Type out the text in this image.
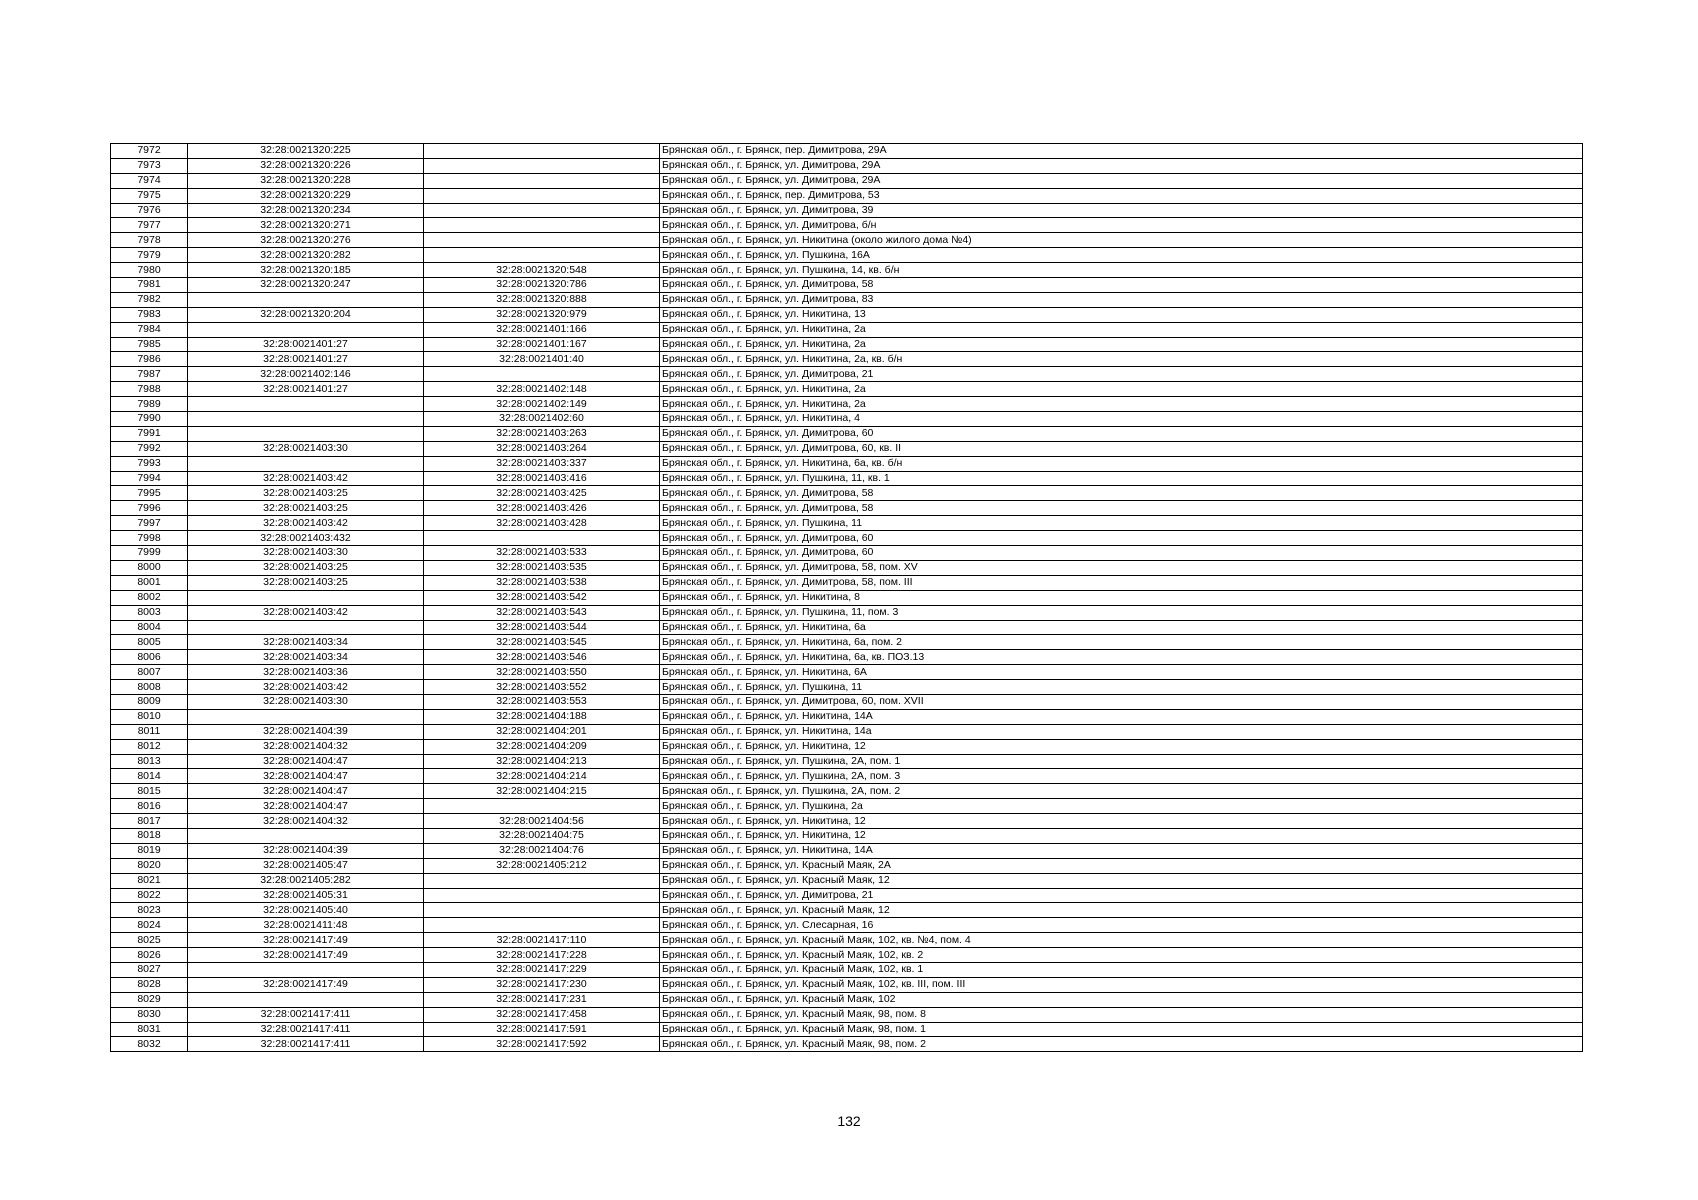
7972	32:28:0021320:225		Брянская обл., г. Брянск, пер. Димитрова, 29А
7973	32:28:0021320:226		Брянская обл., г. Брянск, ул. Димитрова, 29А
7974	32:28:0021320:228		Брянская обл., г. Брянск, ул. Димитрова, 29А
7975	32:28:0021320:229		Брянская обл., г. Брянск, пер. Димитрова, 53
7976	32:28:0021320:234		Брянская обл., г. Брянск, ул. Димитрова, 39
7977	32:28:0021320:271		Брянская обл., г. Брянск, ул. Димитрова, б/н
7978	32:28:0021320:276		Брянская обл., г. Брянск, ул. Никитина (около жилого дома №4)
7979	32:28:0021320:282		Брянская обл., г. Брянск, ул. Пушкина, 16А
7980	32:28:0021320:185	32:28:0021320:548	Брянская обл., г. Брянск, ул. Пушкина, 14, кв. б/н
7981	32:28:0021320:247	32:28:0021320:786	Брянская обл., г. Брянск, ул. Димитрова, 58
7982		32:28:0021320:888	Брянская обл., г. Брянск, ул. Димитрова, 83
7983	32:28:0021320:204	32:28:0021320:979	Брянская обл., г. Брянск, ул. Никитина, 13
7984		32:28:0021401:166	Брянская обл., г. Брянск, ул. Никитина, 2а
7985	32:28:0021401:27	32:28:0021401:167	Брянская обл., г. Брянск, ул. Никитина, 2а
7986	32:28:0021401:27	32:28:0021401:40	Брянская обл., г. Брянск, ул. Никитина, 2а, кв. б/н
7987	32:28:0021402:146		Брянская обл., г. Брянск, ул. Димитрова, 21
7988	32:28:0021401:27	32:28:0021402:148	Брянская обл., г. Брянск, ул. Никитина, 2а
7989		32:28:0021402:149	Брянская обл., г. Брянск, ул. Никитина, 2а
7990		32:28:0021402:60	Брянская обл., г. Брянск, ул. Никитина, 4
7991		32:28:0021403:263	Брянская обл., г. Брянск, ул. Димитрова, 60
7992	32:28:0021403:30	32:28:0021403:264	Брянская обл., г. Брянск, ул. Димитрова, 60, кв. II
7993		32:28:0021403:337	Брянская обл., г. Брянск, ул. Никитина, 6а, кв. б/н
7994	32:28:0021403:42	32:28:0021403:416	Брянская обл., г. Брянск, ул. Пушкина, 11, кв. 1
7995	32:28:0021403:25	32:28:0021403:425	Брянская обл., г. Брянск, ул. Димитрова, 58
7996	32:28:0021403:25	32:28:0021403:426	Брянская обл., г. Брянск, ул. Димитрова, 58
7997	32:28:0021403:42	32:28:0021403:428	Брянская обл., г. Брянск, ул. Пушкина, 11
7998	32:28:0021403:432		Брянская обл., г. Брянск, ул. Димитрова, 60
7999	32:28:0021403:30	32:28:0021403:533	Брянская обл., г. Брянск, ул. Димитрова, 60
8000	32:28:0021403:25	32:28:0021403:535	Брянская обл., г. Брянск, ул. Димитрова, 58, пом. XV
8001	32:28:0021403:25	32:28:0021403:538	Брянская обл., г. Брянск, ул. Димитрова, 58, пом. III
8002		32:28:0021403:542	Брянская обл., г. Брянск, ул. Никитина, 8
8003	32:28:0021403:42	32:28:0021403:543	Брянская обл., г. Брянск, ул. Пушкина, 11, пом. 3
8004		32:28:0021403:544	Брянская обл., г. Брянск, ул. Никитина, 6а
8005	32:28:0021403:34	32:28:0021403:545	Брянская обл., г. Брянск, ул. Никитина, 6а, пом. 2
8006	32:28:0021403:34	32:28:0021403:546	Брянская обл., г. Брянск, ул. Никитина, 6а, кв. ПОЗ.13
8007	32:28:0021403:36	32:28:0021403:550	Брянская обл., г. Брянск, ул. Никитина, 6А
8008	32:28:0021403:42	32:28:0021403:552	Брянская обл., г. Брянск, ул. Пушкина, 11
8009	32:28:0021403:30	32:28:0021403:553	Брянская обл., г. Брянск, ул. Димитрова, 60, пом. XVII
8010		32:28:0021404:188	Брянская обл., г. Брянск, ул. Никитина, 14А
8011	32:28:0021404:39	32:28:0021404:201	Брянская обл., г. Брянск, ул. Никитина, 14а
8012	32:28:0021404:32	32:28:0021404:209	Брянская обл., г. Брянск, ул. Никитина, 12
8013	32:28:0021404:47	32:28:0021404:213	Брянская обл., г. Брянск, ул. Пушкина, 2А, пом. 1
8014	32:28:0021404:47	32:28:0021404:214	Брянская обл., г. Брянск, ул. Пушкина, 2А, пом. 3
8015	32:28:0021404:47	32:28:0021404:215	Брянская обл., г. Брянск, ул. Пушкина, 2А, пом. 2
8016	32:28:0021404:47		Брянская обл., г. Брянск, ул. Пушкина, 2а
8017	32:28:0021404:32	32:28:0021404:56	Брянская обл., г. Брянск, ул. Никитина, 12
8018		32:28:0021404:75	Брянская обл., г. Брянск, ул. Никитина, 12
8019	32:28:0021404:39	32:28:0021404:76	Брянская обл., г. Брянск, ул. Никитина, 14А
8020	32:28:0021405:47	32:28:0021405:212	Брянская обл., г. Брянск, ул. Красный Маяк, 2А
8021	32:28:0021405:282		Брянская обл., г. Брянск, ул. Красный Маяк, 12
8022	32:28:0021405:31		Брянская обл., г. Брянск, ул. Димитрова, 21
8023	32:28:0021405:40		Брянская обл., г. Брянск, ул. Красный Маяк, 12
8024	32:28:0021411:48		Брянская обл., г. Брянск, ул. Слесарная, 16
8025	32:28:0021417:49	32:28:0021417:110	Брянская обл., г. Брянск, ул. Красный Маяк, 102, кв. №4, пом. 4
8026	32:28:0021417:49	32:28:0021417:228	Брянская обл., г. Брянск, ул. Красный Маяк, 102, кв. 2
8027		32:28:0021417:229	Брянская обл., г. Брянск, ул. Красный Маяк, 102, кв. 1
8028	32:28:0021417:49	32:28:0021417:230	Брянская обл., г. Брянск, ул. Красный Маяк, 102, кв. III, пом. III
8029		32:28:0021417:231	Брянская обл., г. Брянск, ул. Красный Маяк, 102
8030	32:28:0021417:411	32:28:0021417:458	Брянская обл., г. Брянск, ул. Красный Маяк, 98, пом. 8
8031	32:28:0021417:411	32:28:0021417:591	Брянская обл., г. Брянск, ул. Красный Маяк, 98, пом. 1
8032	32:28:0021417:411	32:28:0021417:592	Брянская обл., г. Брянск, ул. Красный Маяк, 98, пом. 2
132
